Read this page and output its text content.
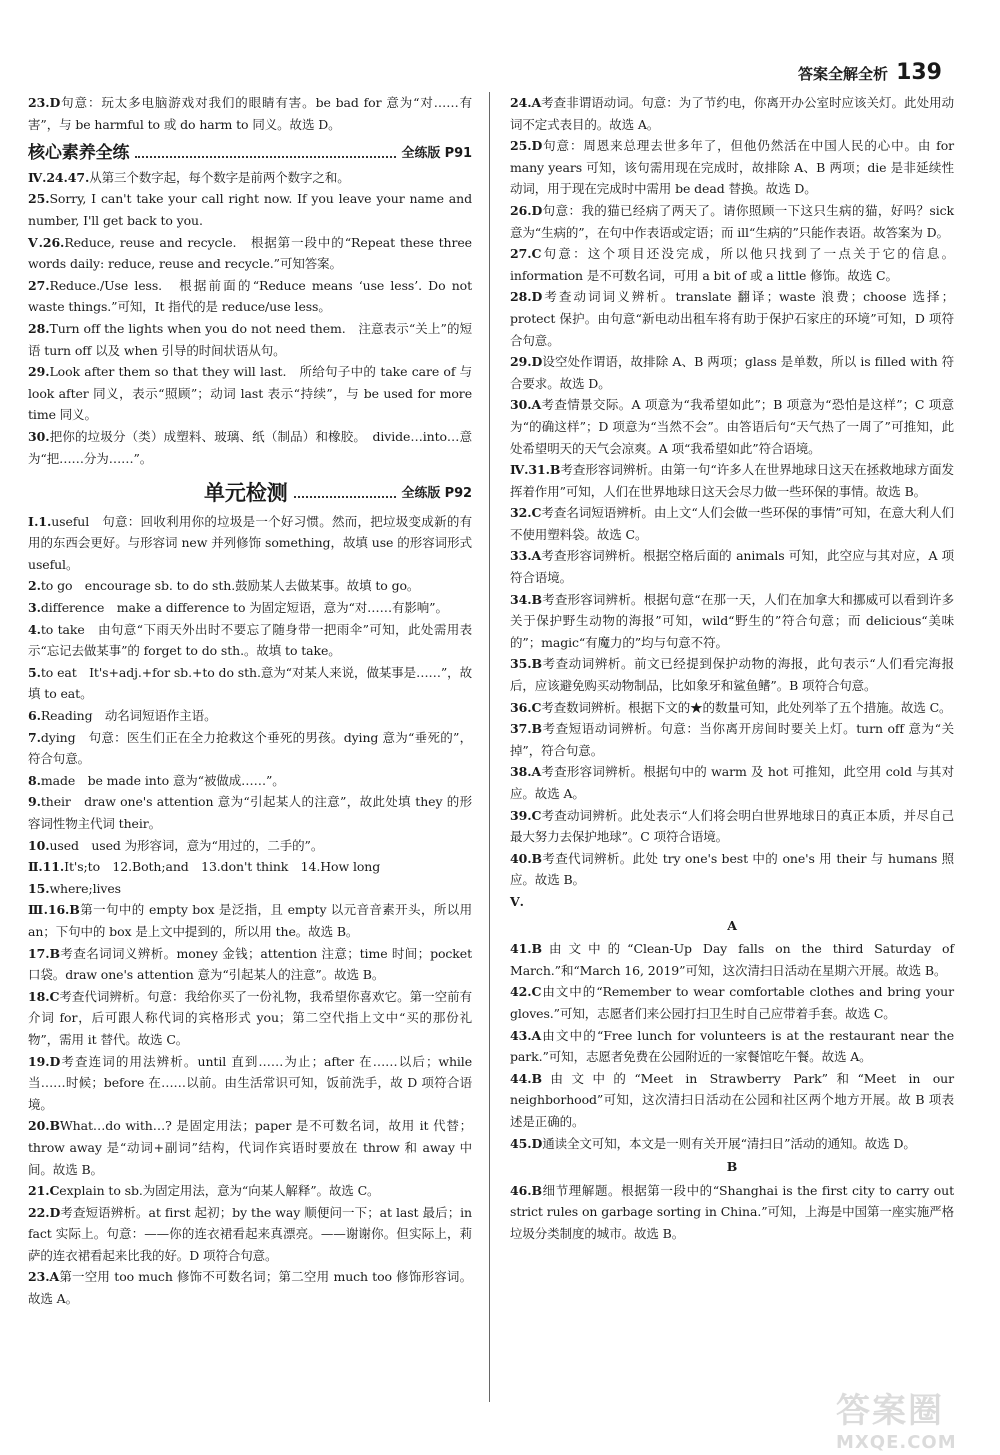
答案全解全析 139

23.D句意：玩太多电脑游戏对我们的眼睛有害。be bad for 意为“对……有害”，与 be harmful to 或 do harm to 同义。故选 D。

核心素养全练	全练版 P91

Ⅳ.24.47.从第三个数字起，每个数字是前两个数字之和。

25.Sorry, I can't take your call right now. If you leave your name and number, I'll get back to you.

Ⅴ.26.Reduce, reuse and recycle.　根据第一段中的“Repeat these three words daily: reduce, reuse and recycle.”可知答案。

27.Reduce./Use less.　根据前面的“Reduce means ‘use less’. Do not waste things.”可知，It 指代的是 reduce/use less。

28.Turn off the lights when you do not need them.　注意表示“关上”的短语 turn off 以及 when 引导的时间状语从句。

29.Look after them so that they will last.　所给句子中的 take care of 与 look after 同义，表示“照顾”；动词 last 表示“持续”，与 be used for more time 同义。

30.把你的垃圾分（类）成塑料、玻璃、纸（制品）和橡胶。　divide…into…意为“把……分为……”。

单元检测	全练版 P92

Ⅰ.1.useful　句意：回收利用你的垃圾是一个好习惯。然而，把垃圾变成新的有用的东西会更好。与形容词 new 并列修饰 something，故填 use 的形容词形式 useful。

2.to go　encourage sb. to do sth.鼓励某人去做某事。故填 to go。

3.difference　make a difference to 为固定短语，意为“对……有影响”。

4.to take　由句意“下雨天外出时不要忘了随身带一把雨伞”可知，此处需用表示“忘记去做某事”的 forget to do sth.。故填 to take。

5.to eat　It's+adj.+for sb.+to do sth.意为“对某人来说，做某事是……”，故填 to eat。

6.Reading　动名词短语作主语。

7.dying　句意：医生们正在全力抢救这个垂死的男孩。dying 意为“垂死的”，符合句意。

8.made　be made into 意为“被做成……”。

9.their　draw one's attention 意为“引起某人的注意”，故此处填 they 的形容词性物主代词 their。

10.used　used 为形容词，意为“用过的，二手的”。

Ⅱ.11.It's;to　12.Both;and　13.don't think　14.How long

15.where;lives

Ⅲ.16.B第一句中的 empty box 是泛指，且 empty 以元音音素开头，所以用 an；下句中的 box 是上文中提到的，所以用 the。故选 B。

17.B考查名词词义辨析。money 金钱；attention 注意；time 时间；pocket 口袋。draw one's attention 意为“引起某人的注意”。故选 B。

18.C考查代词辨析。句意：我给你买了一份礼物，我希望你喜欢它。第一空前有介词 for，后可跟人称代词的宾格形式 you；第二空代指上文中“买的那份礼物”，需用 it 替代。故选 C。

19.D考查连词的用法辨析。until 直到……为止；after 在……以后；while 当……时候；before 在……以前。由生活常识可知，饭前洗手，故 D 项符合语境。

20.BWhat…do with…? 是固定用法；paper 是不可数名词，故用 it 代替；throw away 是“动词+副词”结构，代词作宾语时要放在 throw 和 away 中间。故选 B。

21.Cexplain to sb.为固定用法，意为“向某人解释”。故选 C。

22.D考查短语辨析。at first 起初；by the way 顺便问一下；at last 最后；in fact 实际上。句意：——你的连衣裙看起来真漂亮。——谢谢你。但实际上，莉萨的连衣裙看起来比我的好。D 项符合句意。

23.A第一空用 too much 修饰不可数名词；第二空用 much too 修饰形容词。故选 A。

24.A考查非谓语动词。句意：为了节约电，你离开办公室时应该关灯。此处用动词不定式表目的。故选 A。

25.D句意：周恩来总理去世多年了，但他仍然活在中国人民的心中。由 for many years 可知，该句需用现在完成时，故排除 A、B 两项；die 是非延续性动词，用于现在完成时中需用 be dead 替换。故选 D。

26.D句意：我的猫已经病了两天了。请你照顾一下这只生病的猫，好吗？sick 意为“生病的”，在句中作表语或定语；而 ill“生病的”只能作表语。故答案为 D。

27.C句意：这个项目还没完成，所以他只找到了一点关于它的信息。information 是不可数名词，可用 a bit of 或 a little 修饰。故选 C。

28.D考查动词词义辨析。translate 翻译；waste 浪费；choose 选择；protect 保护。由句意“新电动出租车将有助于保护石家庄的环境”可知，D 项符合句意。

29.D设空处作谓语，故排除 A、B 两项；glass 是单数，所以 is filled with 符合要求。故选 D。

30.A考查情景交际。A 项意为“我希望如此”；B 项意为“恐怕是这样”；C 项意为“的确这样”；D 项意为“当然不会”。由答语后句“天气热了一周了”可推知，此处希望明天的天气会凉爽。A 项“我希望如此”符合语境。

Ⅳ.31.B考查形容词辨析。由第一句“许多人在世界地球日这天在拯救地球方面发挥着作用”可知，人们在世界地球日这天会尽力做一些环保的事情。故选 B。

32.C考查名词短语辨析。由上文“人们会做一些环保的事情”可知，在意大利人们不使用塑料袋。故选 C。

33.A考查形容词辨析。根据空格后面的 animals 可知，此空应与其对应，A 项符合语境。

34.B考查形容词辨析。根据句意“在那一天，人们在加拿大和挪威可以看到许多关于保护野生动物的海报”可知，wild“野生的”符合句意；而 delicious“美味的”；magic“有魔力的”均与句意不符。

35.B考查动词辨析。前文已经提到保护动物的海报，此句表示“人们看完海报后，应该避免购买动物制品，比如象牙和鲨鱼鳍”。B 项符合句意。

36.C考查数词辨析。根据下文的★的数量可知，此处列举了五个措施。故选 C。

37.B考查短语动词辨析。句意：当你离开房间时要关上灯。turn off 意为“关掉”，符合句意。

38.A考查形容词辨析。根据句中的 warm 及 hot 可推知，此空用 cold 与其对应。故选 A。

39.C考查动词辨析。此处表示“人们将会明白世界地球日的真正本质，并尽自己最大努力去保护地球”。C 项符合语境。

40.B考查代词辨析。此处 try one's best 中的 one's 用 their 与 humans 照应。故选 B。

Ⅴ.

A

41.B由文中的“Clean-Up Day falls on the third Saturday of March.”和“March 16, 2019”可知，这次清扫日活动在星期六开展。故选 B。

42.C由文中的“Remember to wear comfortable clothes and bring your gloves.”可知，志愿者们来公园打扫卫生时自己应带着手套。故选 C。

43.A由文中的“Free lunch for volunteers is at the restaurant near the park.”可知，志愿者免费在公园附近的一家餐馆吃午餐。故选 A。

44.B由文中的“Meet in Strawberry Park”和“Meet in our neighborhood”可知，这次清扫日活动在公园和社区两个地方开展。故 B 项表述是正确的。

45.D通读全文可知，本文是一则有关开展“清扫日”活动的通知。故选 D。

B

46.B细节理解题。根据第一段中的“Shanghai is the first city to carry out strict rules on garbage sorting in China.”可知，上海是中国第一座实施严格垃圾分类制度的城市。故选 B。

答案圈
MXQE.COM
